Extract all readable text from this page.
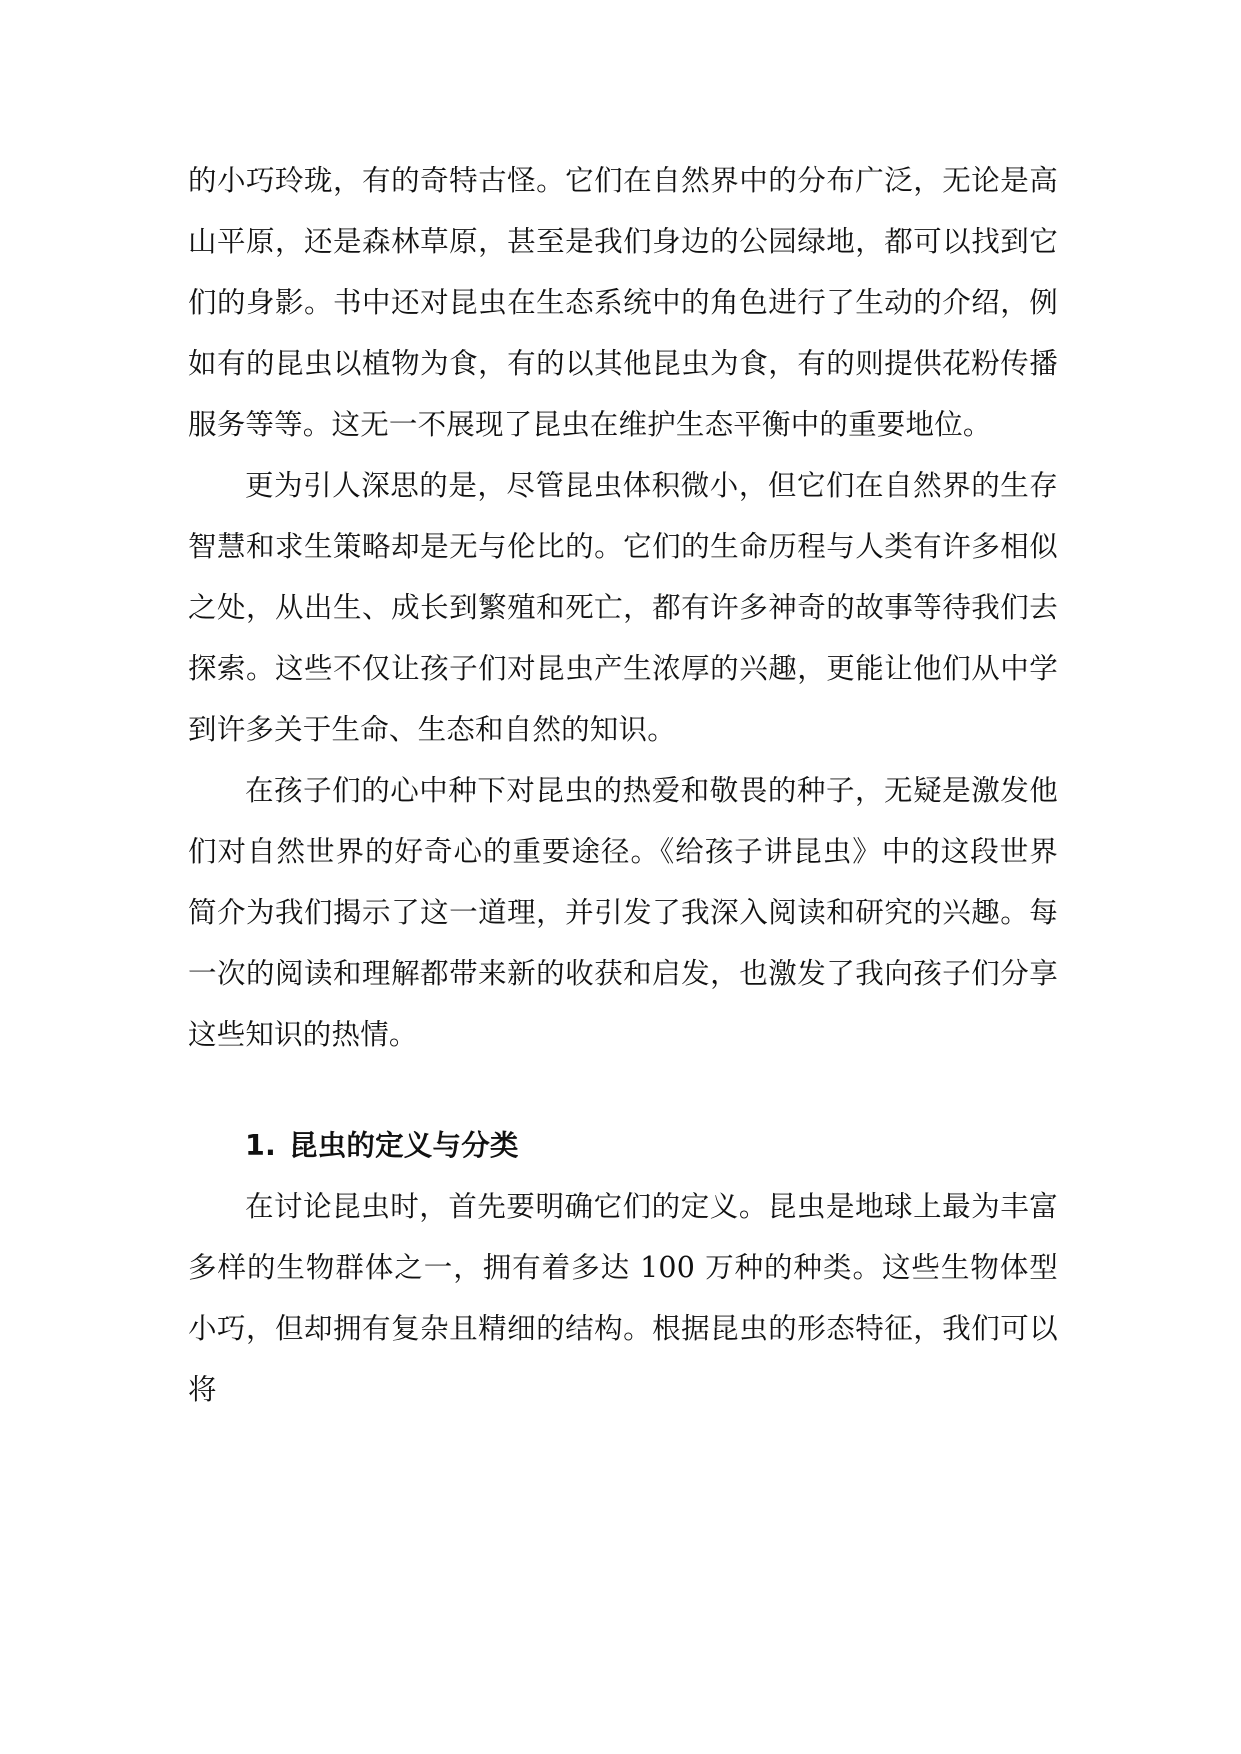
的小巧玲珑，有的奇特古怪。它们在自然界中的分布广泛，无论是高山平原，还是森林草原，甚至是我们身边的公园绿地，都可以找到它们的身影。书中还对昆虫在生态系统中的角色进行了生动的介绍，例如有的昆虫以植物为食，有的以其他昆虫为食，有的则提供花粉传播服务等等。这无一不展现了昆虫在维护生态平衡中的重要地位。

更为引人深思的是，尽管昆虫体积微小，但它们在自然界的生存智慧和求生策略却是无与伦比的。它们的生命历程与人类有许多相似之处，从出生、成长到繁殖和死亡，都有许多神奇的故事等待我们去探索。这些不仅让孩子们对昆虫产生浓厚的兴趣，更能让他们从中学到许多关于生命、生态和自然的知识。

在孩子们的心中种下对昆虫的热爱和敬畏的种子，无疑是激发他们对自然世界的好奇心的重要途径。《给孩子讲昆虫》中的这段世界简介为我们揭示了这一道理，并引发了我深入阅读和研究的兴趣。每一次的阅读和理解都带来新的收获和启发，也激发了我向孩子们分享这些知识的热情。

1. 昆虫的定义与分类

在讨论昆虫时，首先要明确它们的定义。昆虫是地球上最为丰富多样的生物群体之一，拥有着多达 100 万种的种类。这些生物体型小巧，但却拥有复杂且精细的结构。根据昆虫的形态特征，我们可以将
